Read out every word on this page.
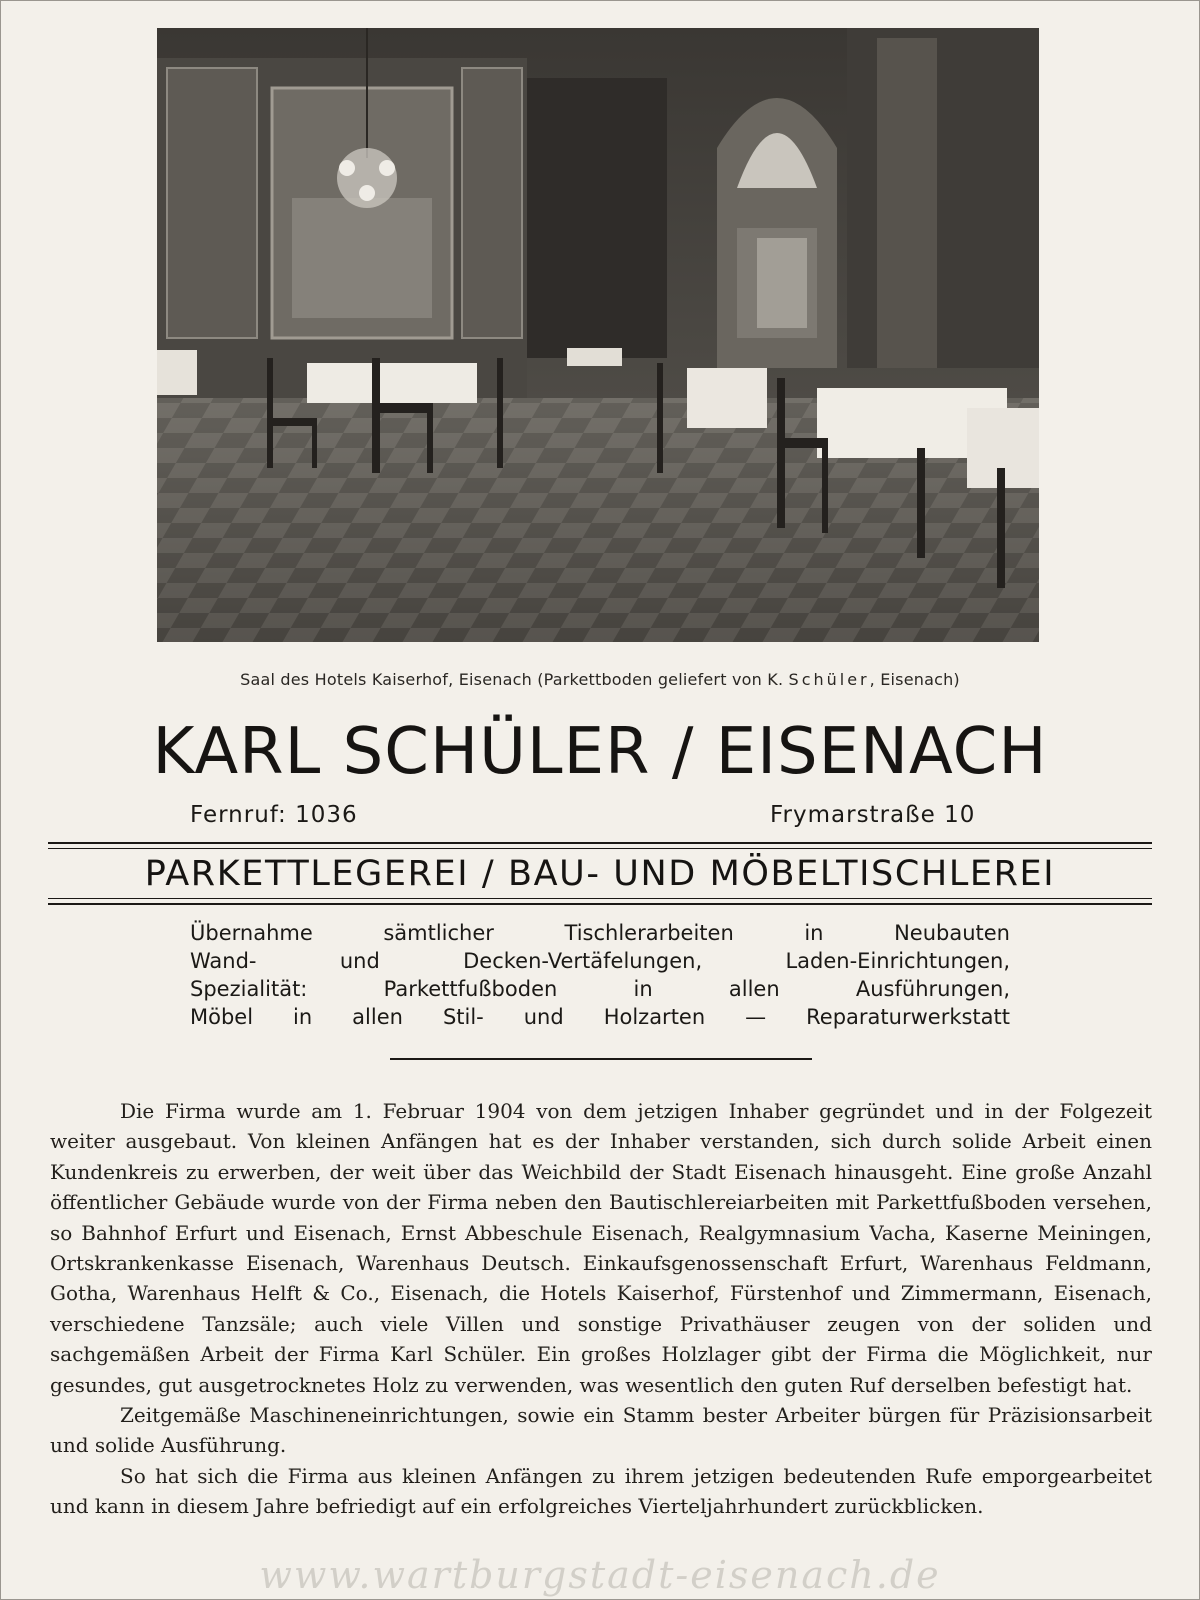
Saal des Hotels Kaiserhof, Eisenach (Parkettboden geliefert von K. Schüler, Eisenach)
KARL SCHÜLER / EISENACH
Fernruf: 1036	Frymarstraße 10
PARKETTLEGEREI / BAU- UND MÖBELTISCHLEREI
Übernahme sämtlicher Tischlerarbeiten in Neubauten
Wand- und Decken-Vertäfelungen, Laden-Einrichtungen,
Spezialität: Parkettfußboden in allen Ausführungen,
Möbel in allen Stil- und Holzarten — Reparaturwerkstatt

Die Firma wurde am 1. Februar 1904 von dem jetzigen Inhaber gegründet und in der Folgezeit weiter ausgebaut. Von kleinen Anfängen hat es der Inhaber verstanden, sich durch solide Arbeit einen Kundenkreis zu erwerben, der weit über das Weichbild der Stadt Eisenach hinausgeht. Eine große Anzahl öffentlicher Gebäude wurde von der Firma neben den Bautischlereiarbeiten mit Parkettfußboden versehen, so Bahnhof Erfurt und Eisenach, Ernst Abbeschule Eisenach, Realgymnasium Vacha, Kaserne Meiningen, Ortskrankenkasse Eisenach, Warenhaus Deutsch. Einkaufsgenossenschaft Erfurt, Warenhaus Feldmann, Gotha, Warenhaus Helft & Co., Eisenach, die Hotels Kaiserhof, Fürstenhof und Zimmermann, Eisenach, verschiedene Tanzsäle; auch viele Villen und sonstige Privathäuser zeugen von der soliden und sachgemäßen Arbeit der Firma Karl Schüler. Ein großes Holzlager gibt der Firma die Möglichkeit, nur gesundes, gut ausgetrocknetes Holz zu verwenden, was wesentlich den guten Ruf derselben befestigt hat.

Zeitgemäße Maschineneinrichtungen, sowie ein Stamm bester Arbeiter bürgen für Präzisionsarbeit und solide Ausführung.

So hat sich die Firma aus kleinen Anfängen zu ihrem jetzigen bedeutenden Rufe emporgearbeitet und kann in diesem Jahre befriedigt auf ein erfolgreiches Vierteljahrhundert zurückblicken.

www.wartburgstadt-eisenach.de
